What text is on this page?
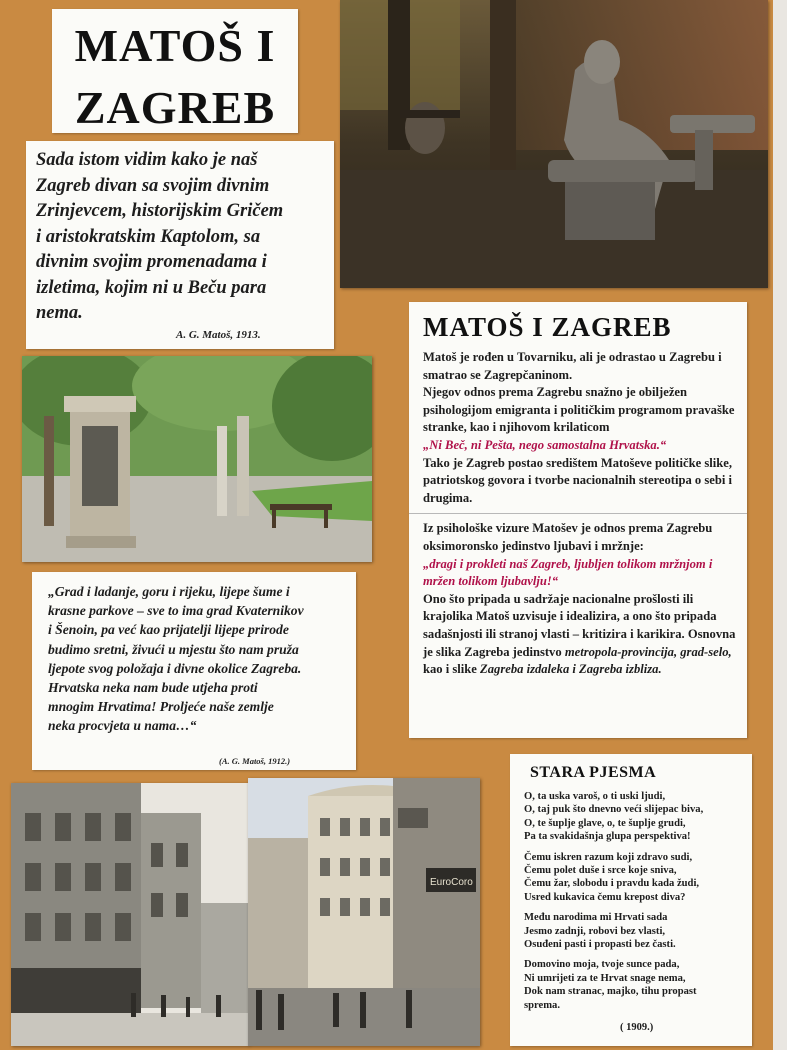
MATOŠ I
ZAGREB
Sada istom vidim kako je naš
Zagreb divan sa svojim divnim
Zrinjevcem, historijskim Gričem
i aristokratskim Kaptolom, sa
divnim svojim promenadama i
izletima, kojim ni u Beču para
nema.
A. G. Matoš, 1913.	MATOŠ I ZAGREB

Matoš je rođen u Tovarniku, ali je odrastao u Zagrebu i smatrao se Zagrepčaninom.

Njegov odnos prema Zagrebu snažno je obilježen psihologijom emigranta i političkim programom pravaške stranke, kao i njihovom krilaticom

„Ni Beč, ni Pešta, nego samostalna Hrvatska.“

Tako je Zagreb postao središtem Matoševe političke slike, patriotskog govora i tvorbe nacionalnih stereotipa o sebi i drugima.

Iz psihološke vizure Matošev je odnos prema Zagrebu oksimoronsko jedinstvo ljubavi i mržnje:

„dragi i prokleti naš Zagreb, ljubljen tolikom mržnjom i mržen tolikom ljubavlju!“

Ono što pripada u sadržaje nacionalne prošlosti ili krajolika Matoš uzvisuje i idealizira, a ono što pripada sadašnjosti ili stranoj vlasti – kritizira i karikira. Osnovna je slika Zagreba jedinstvo metropola-provincija, grad-selo, kao i slike Zagreba izdaleka i Zagreba izbliza.

„Grad i ladanje, goru i rijeku, lijepe šume i
krasne parkove – sve to ima grad Kvaternikov
i Šenoin, pa već kao prijatelji lijepe prirode
budimo sretni, živući u mjestu što nam pruža
ljepote svog položaja i divne okolice Zagreba.
Hrvatska neka nam bude utjeha proti
mnogim Hrvatima! Proljeće naše zemlje
neka procvjeta u nama…“
(A. G. Matoš, 1912.)
EuroCoro
STARA PJESMA
O, ta uska varoš, o ti uski ljudi,
O, taj puk što dnevno veći slijepac biva,
O, te šuplje glave, o, te šuplje grudi,
Pa ta svakidašnja glupa perspektiva!
Čemu iskren razum koji zdravo sudi,
Čemu polet duše i srce koje sniva,
Čemu žar, slobodu i pravdu kada žudi,
Usred kukavica čemu krepost diva?
Među narodima mi Hrvati sada
Jesmo zadnji, robovi bez vlasti,
Osuđeni pasti i propasti bez časti.
Domovino moja, tvoje sunce pada,
Ni umrijeti za te Hrvat snage nema,
Dok nam stranac, majko, tihu propast
sprema.
( 1909.)
